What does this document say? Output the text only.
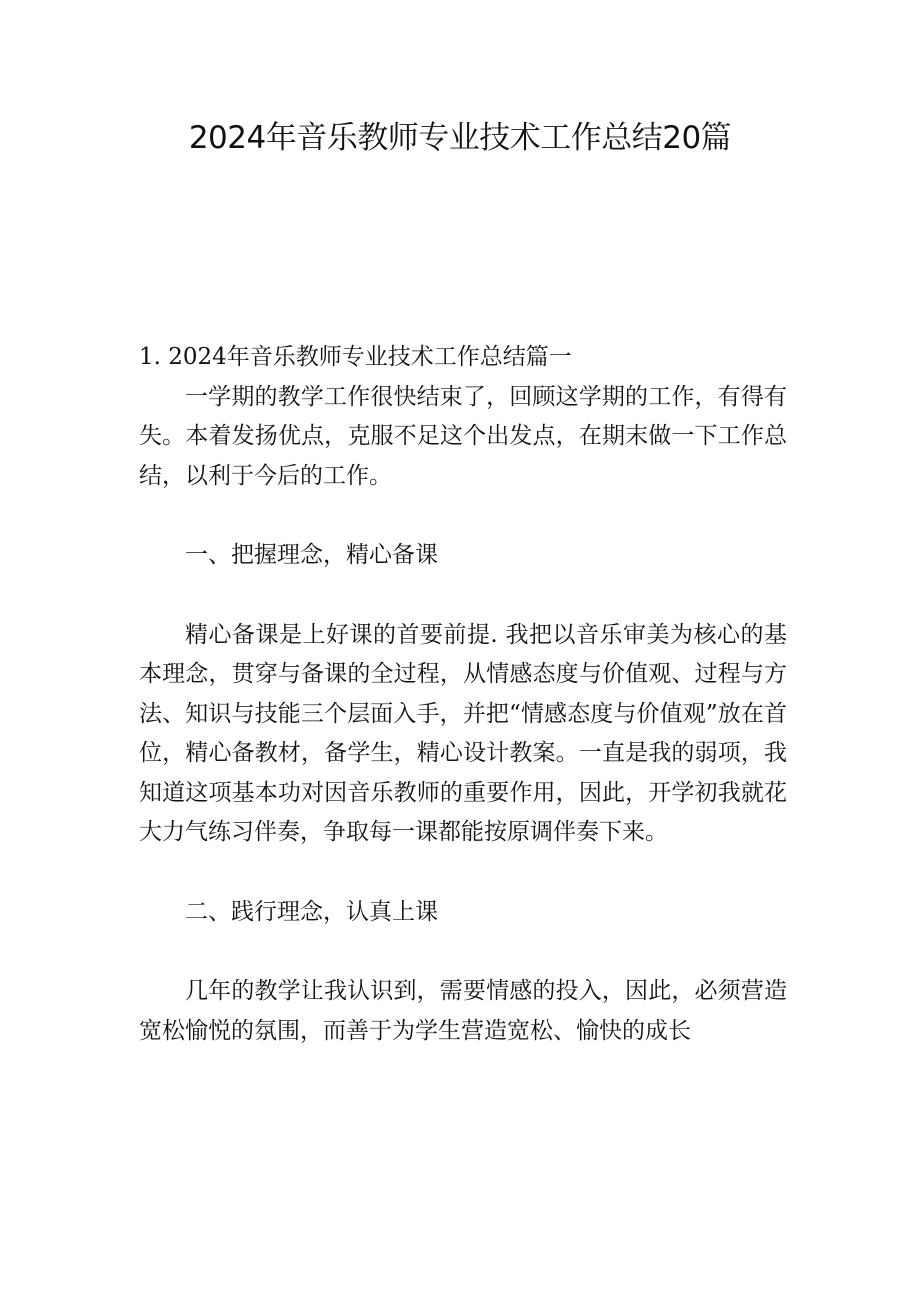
2024年音乐教师专业技术工作总结20篇

1. 2024年音乐教师专业技术工作总结篇一

一学期的教学工作很快结束了，回顾这学期的工作，有得有失。本着发扬优点，克服不足这个出发点，在期末做一下工作总结，以利于今后的工作。

一、把握理念，精心备课

精心备课是上好课的首要前提. 我把以音乐审美为核心的基本理念，贯穿与备课的全过程，从情感态度与价值观、过程与方法、知识与技能三个层面入手，并把“情感态度与价值观”放在首位，精心备教材，备学生，精心设计教案。一直是我的弱项，我知道这项基本功对因音乐教师的重要作用，因此，开学初我就花大力气练习伴奏，争取每一课都能按原调伴奏下来。

二、践行理念，认真上课

几年的教学让我认识到，需要情感的投入，因此，必须营造宽松愉悦的氛围，而善于为学生营造宽松、愉快的成长
